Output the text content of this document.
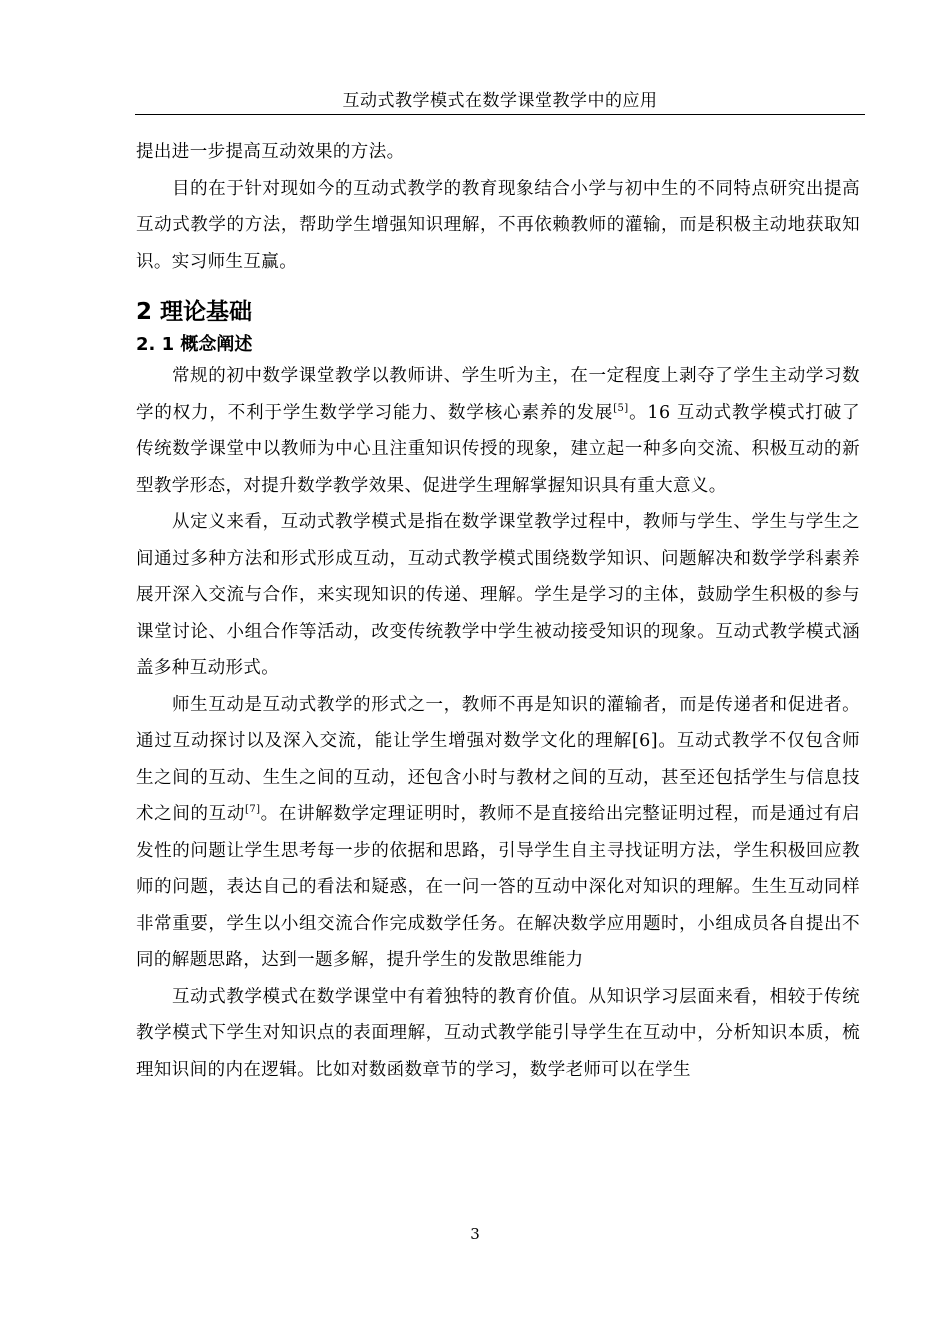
互动式教学模式在数学课堂教学中的应用

提出进一步提高互动效果的方法。

目的在于针对现如今的互动式教学的教育现象结合小学与初中生的不同特点研究出提高互动式教学的方法，帮助学生增强知识理解，不再依赖教师的灌输，而是积极主动地获取知识。实习师生互赢。

2 理论基础
2. 1 概念阐述

常规的初中数学课堂教学以教师讲、学生听为主，在一定程度上剥夺了学生主动学习数学的权力，不利于学生数学学习能力、数学核心素养的发展[5]。16 互动式教学模式打破了传统数学课堂中以教师为中心且注重知识传授的现象，建立起一种多向交流、积极互动的新型教学形态，对提升数学教学效果、促进学生理解掌握知识具有重大意义。

从定义来看，互动式教学模式是指在数学课堂教学过程中，教师与学生、学生与学生之间通过多种方法和形式形成互动，互动式教学模式围绕数学知识、问题解决和数学学科素养展开深入交流与合作，来实现知识的传递、理解。学生是学习的主体，鼓励学生积极的参与课堂讨论、小组合作等活动，改变传统教学中学生被动接受知识的现象。互动式教学模式涵盖多种互动形式。

师生互动是互动式教学的形式之一，教师不再是知识的灌输者，而是传递者和促进者。通过互动探讨以及深入交流，能让学生增强对数学文化的理解[6]。互动式教学不仅包含师生之间的互动、生生之间的互动，还包含小时与教材之间的互动，甚至还包括学生与信息技术之间的互动[7]。在讲解数学定理证明时，教师不是直接给出完整证明过程，而是通过有启发性的问题让学生思考每一步的依据和思路，引导学生自主寻找证明方法，学生积极回应教师的问题，表达自己的看法和疑惑，在一问一答的互动中深化对知识的理解。生生互动同样非常重要，学生以小组交流合作完成数学任务。在解决数学应用题时，小组成员各自提出不同的解题思路，达到一题多解，提升学生的发散思维能力

互动式教学模式在数学课堂中有着独特的教育价值。从知识学习层面来看，相较于传统教学模式下学生对知识点的表面理解，互动式教学能引导学生在互动中，分析知识本质，梳理知识间的内在逻辑。比如对数函数章节的学习，数学老师可以在学生

3
